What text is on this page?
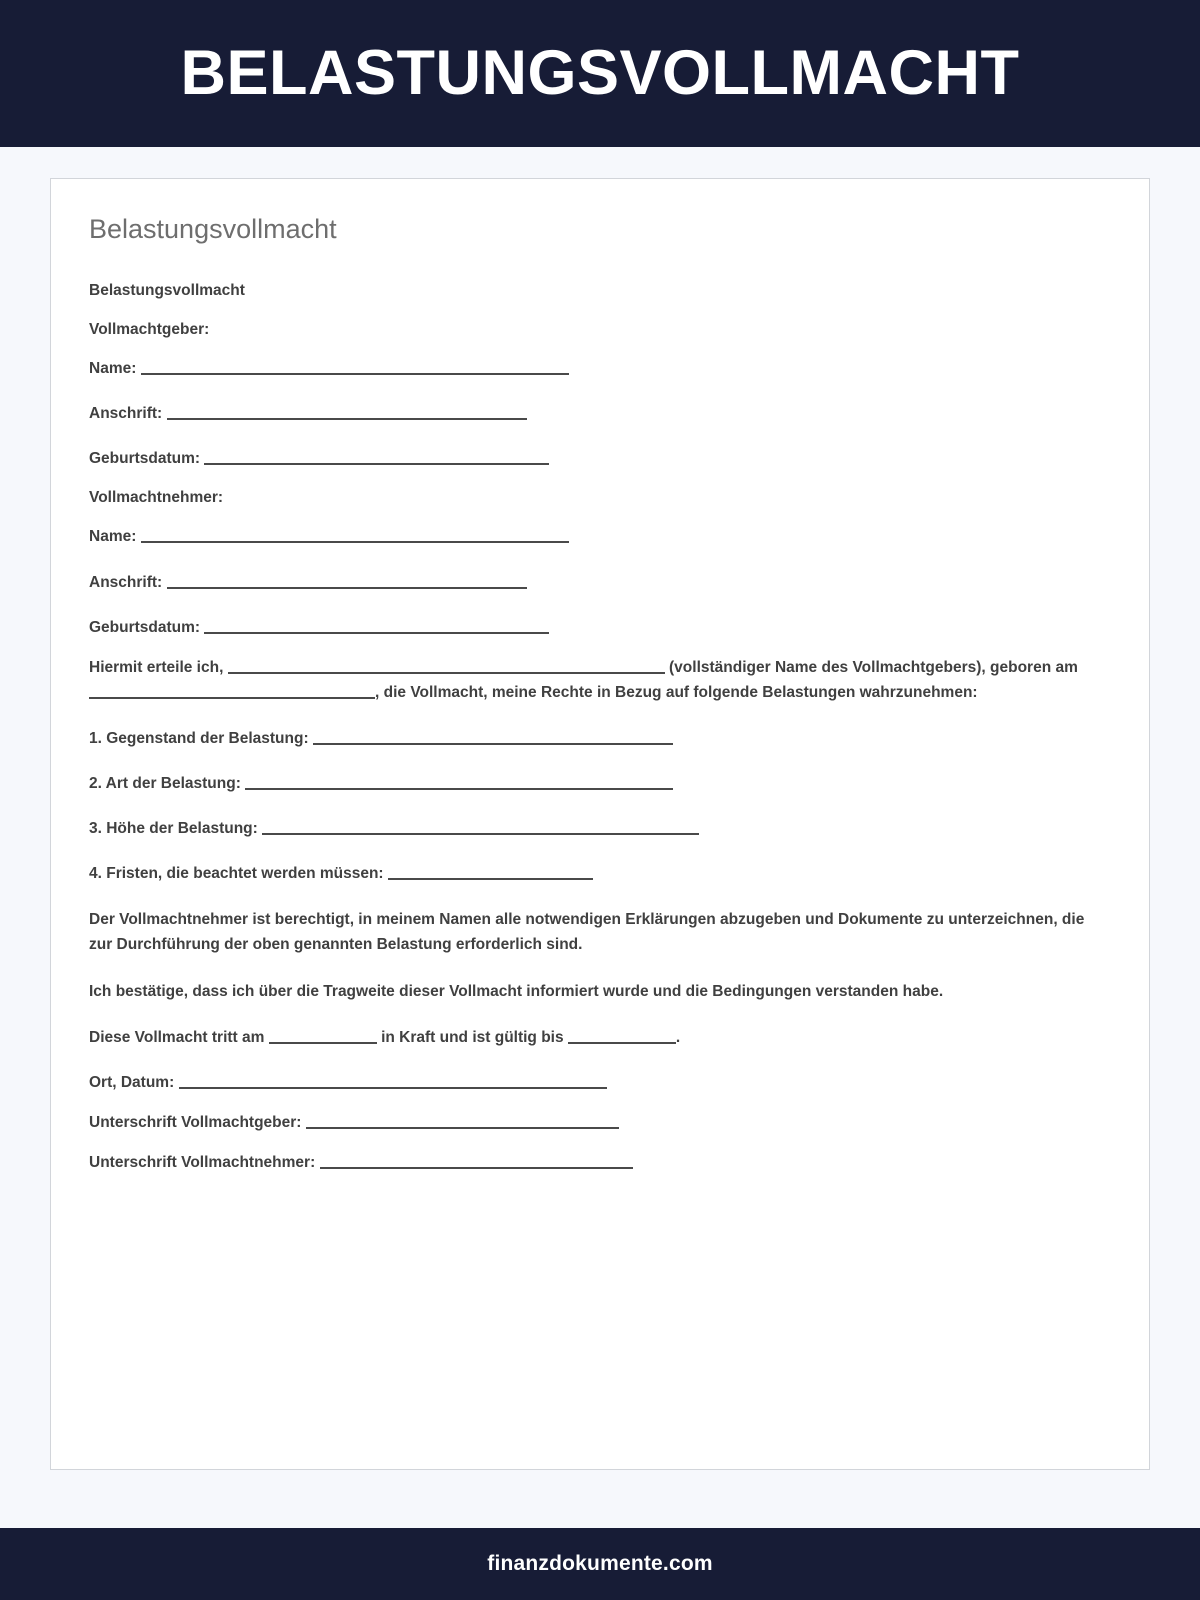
BELASTUNGSVOLLMACHT
Belastungsvollmacht

Belastungsvollmacht

Vollmachtgeber:

Name:

Anschrift:

Geburtsdatum:

Vollmachtnehmer:

Name:

Anschrift:

Geburtsdatum:

Hiermit erteile ich,	(vollständiger Name des Vollmachtgebers), geboren am , die Vollmacht, meine Rechte in Bezug auf folgende Belastungen wahrzunehmen:

1. Gegenstand der Belastung:

2. Art der Belastung:

3. Höhe der Belastung:

4. Fristen, die beachtet werden müssen:

Der Vollmachtnehmer ist berechtigt, in meinem Namen alle notwendigen Erklärungen abzugeben und Dokumente zu unterzeichnen, die zur Durchführung der oben genannten Belastung erforderlich sind.

Ich bestätige, dass ich über die Tragweite dieser Vollmacht informiert wurde und die Bedingungen verstanden habe.

Diese Vollmacht tritt am	in Kraft und ist gültig bis	.

Ort, Datum:

Unterschrift Vollmachtgeber:

Unterschrift Vollmachtnehmer:

finanzdokumente.com
